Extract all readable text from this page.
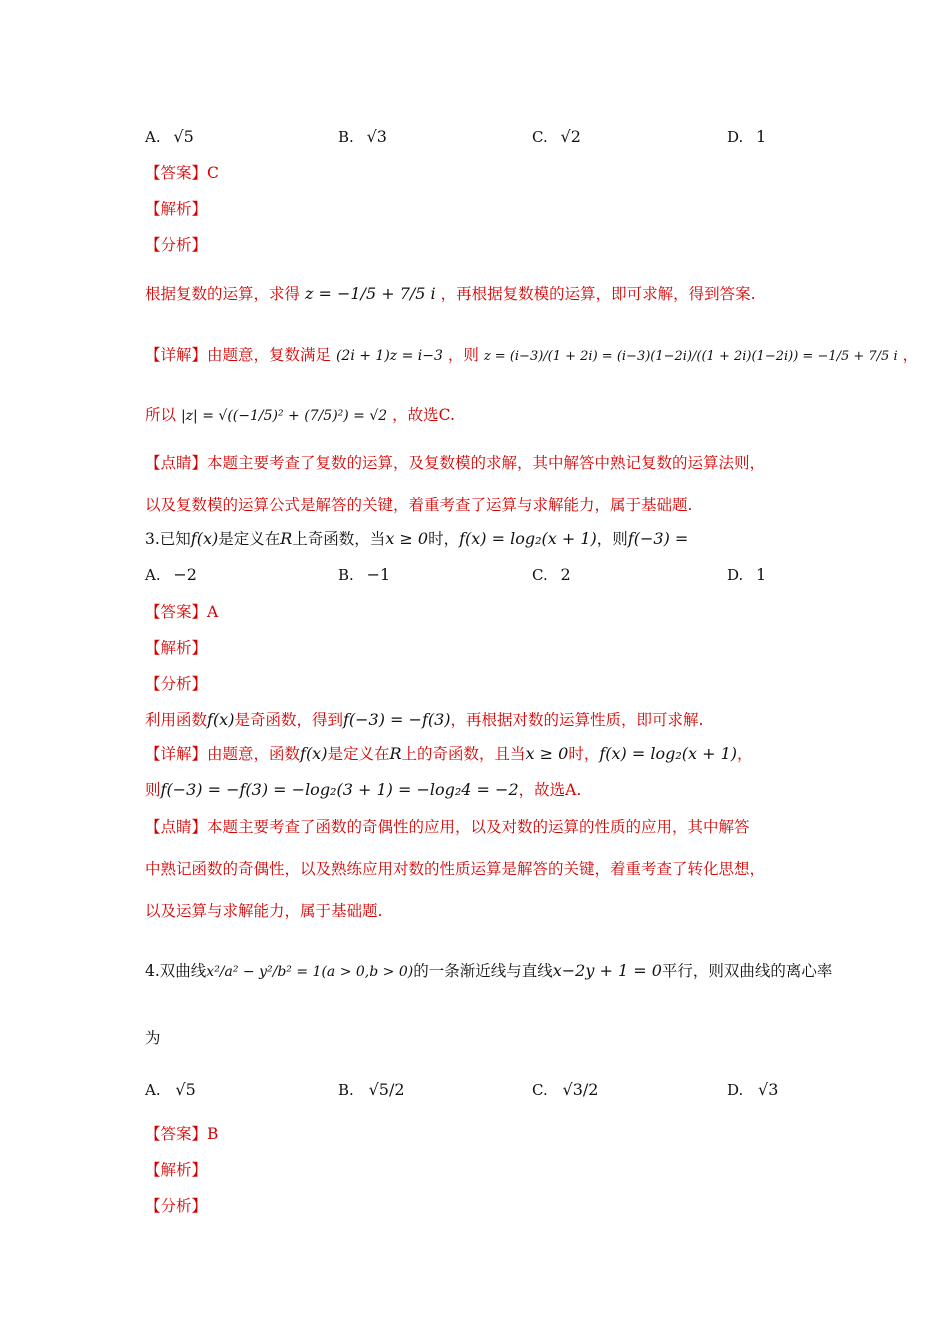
A. √5	B. √3	C. √2	D. 1
【答案】C
【解析】
【分析】
根据复数的运算，求得 z = −1/5 + 7/5 i ，再根据复数模的运算，即可求解，得到答案.
【详解】由题意，复数满足 (2i + 1)z = i−3 ，则 z = (i−3)/(1 + 2i) = (i−3)(1−2i)/((1 + 2i)(1−2i)) = −1/5 + 7/5 i ，
所以 |z| = √((−1/5)² + (7/5)²) = √2 ，故选C.
【点睛】本题主要考查了复数的运算，及复数模的求解，其中解答中熟记复数的运算法则，
以及复数模的运算公式是解答的关键，着重考查了运算与求解能力，属于基础题.
3.已知f(x)是定义在R上奇函数，当x ≥ 0时，f(x) = log₂(x + 1)，则f(−3) =
A. −2	B. −1	C. 2	D. 1
【答案】A
【解析】
【分析】
利用函数f(x)是奇函数，得到f(−3) = −f(3)，再根据对数的运算性质，即可求解.
【详解】由题意，函数f(x)是定义在R上的奇函数，且当x ≥ 0时，f(x) = log₂(x + 1)，
则f(−3) = −f(3) = −log₂(3 + 1) = −log₂4 = −2，故选A.
【点睛】本题主要考查了函数的奇偶性的应用，以及对数的运算的性质的应用，其中解答
中熟记函数的奇偶性，以及熟练应用对数的性质运算是解答的关键，着重考查了转化思想，
以及运算与求解能力，属于基础题.
4.双曲线x²/a² − y²/b² = 1(a > 0,b > 0)的一条渐近线与直线x−2y + 1 = 0平行，则双曲线的离心率
为
A. √5	B. √5/2	C. √3/2	D. √3
【答案】B
【解析】
【分析】
